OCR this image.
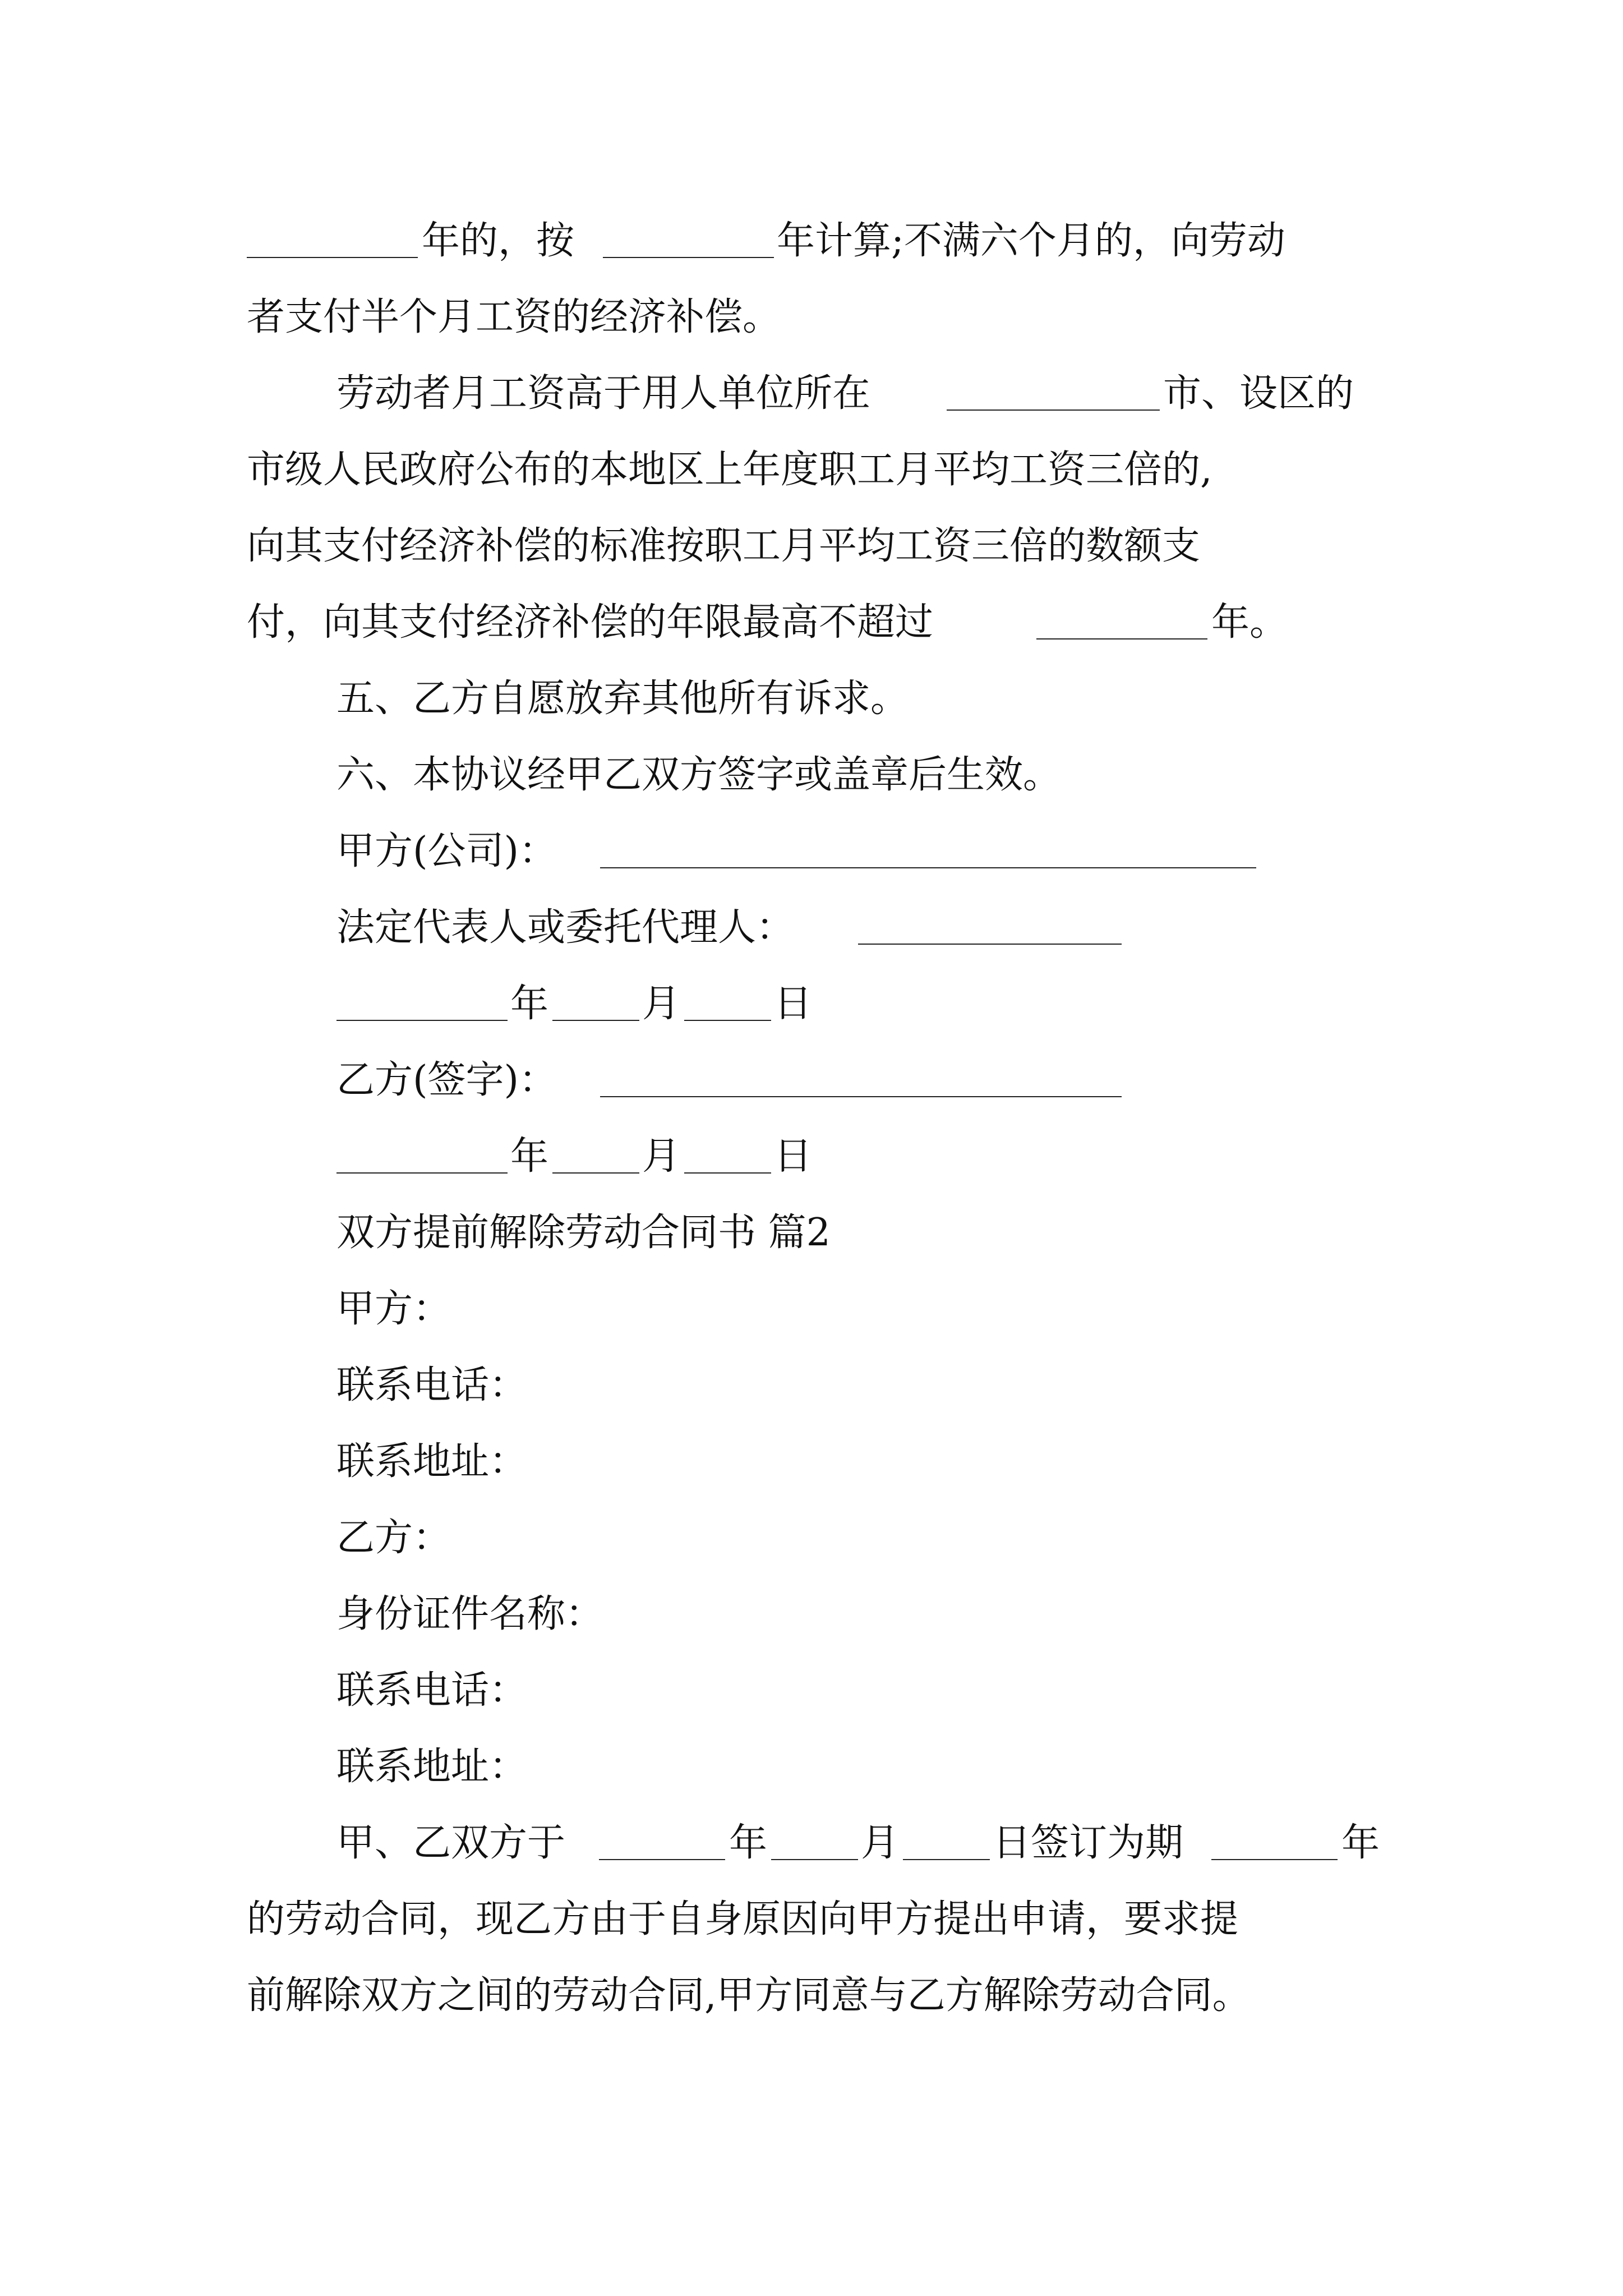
年的，按	年计算;不满六个月的，向劳动
者支付半个月工资的经济补偿。
劳动者月工资高于用人单位所在	市、设区的
市级人民政府公布的本地区上年度职工月平均工资三倍的,
向其支付经济补偿的标准按职工月平均工资三倍的数额支
付，向其支付经济补偿的年限最高不超过	年。
五、乙方自愿放弃其他所有诉求。
六、本协议经甲乙双方签字或盖章后生效。
甲方(公司)：
法定代表人或委托代理人：
年 月 日
乙方(签字)：
年 月 日
双方提前解除劳动合同书 篇2
甲方：
联系电话：
联系地址：
乙方：
身份证件名称：
联系电话：
联系地址：
甲、乙双方于	年 月 日签订为期	年
的劳动合同，现乙方由于自身原因向甲方提出申请，要求提
前解除双方之间的劳动合同,甲方同意与乙方解除劳动合同。
